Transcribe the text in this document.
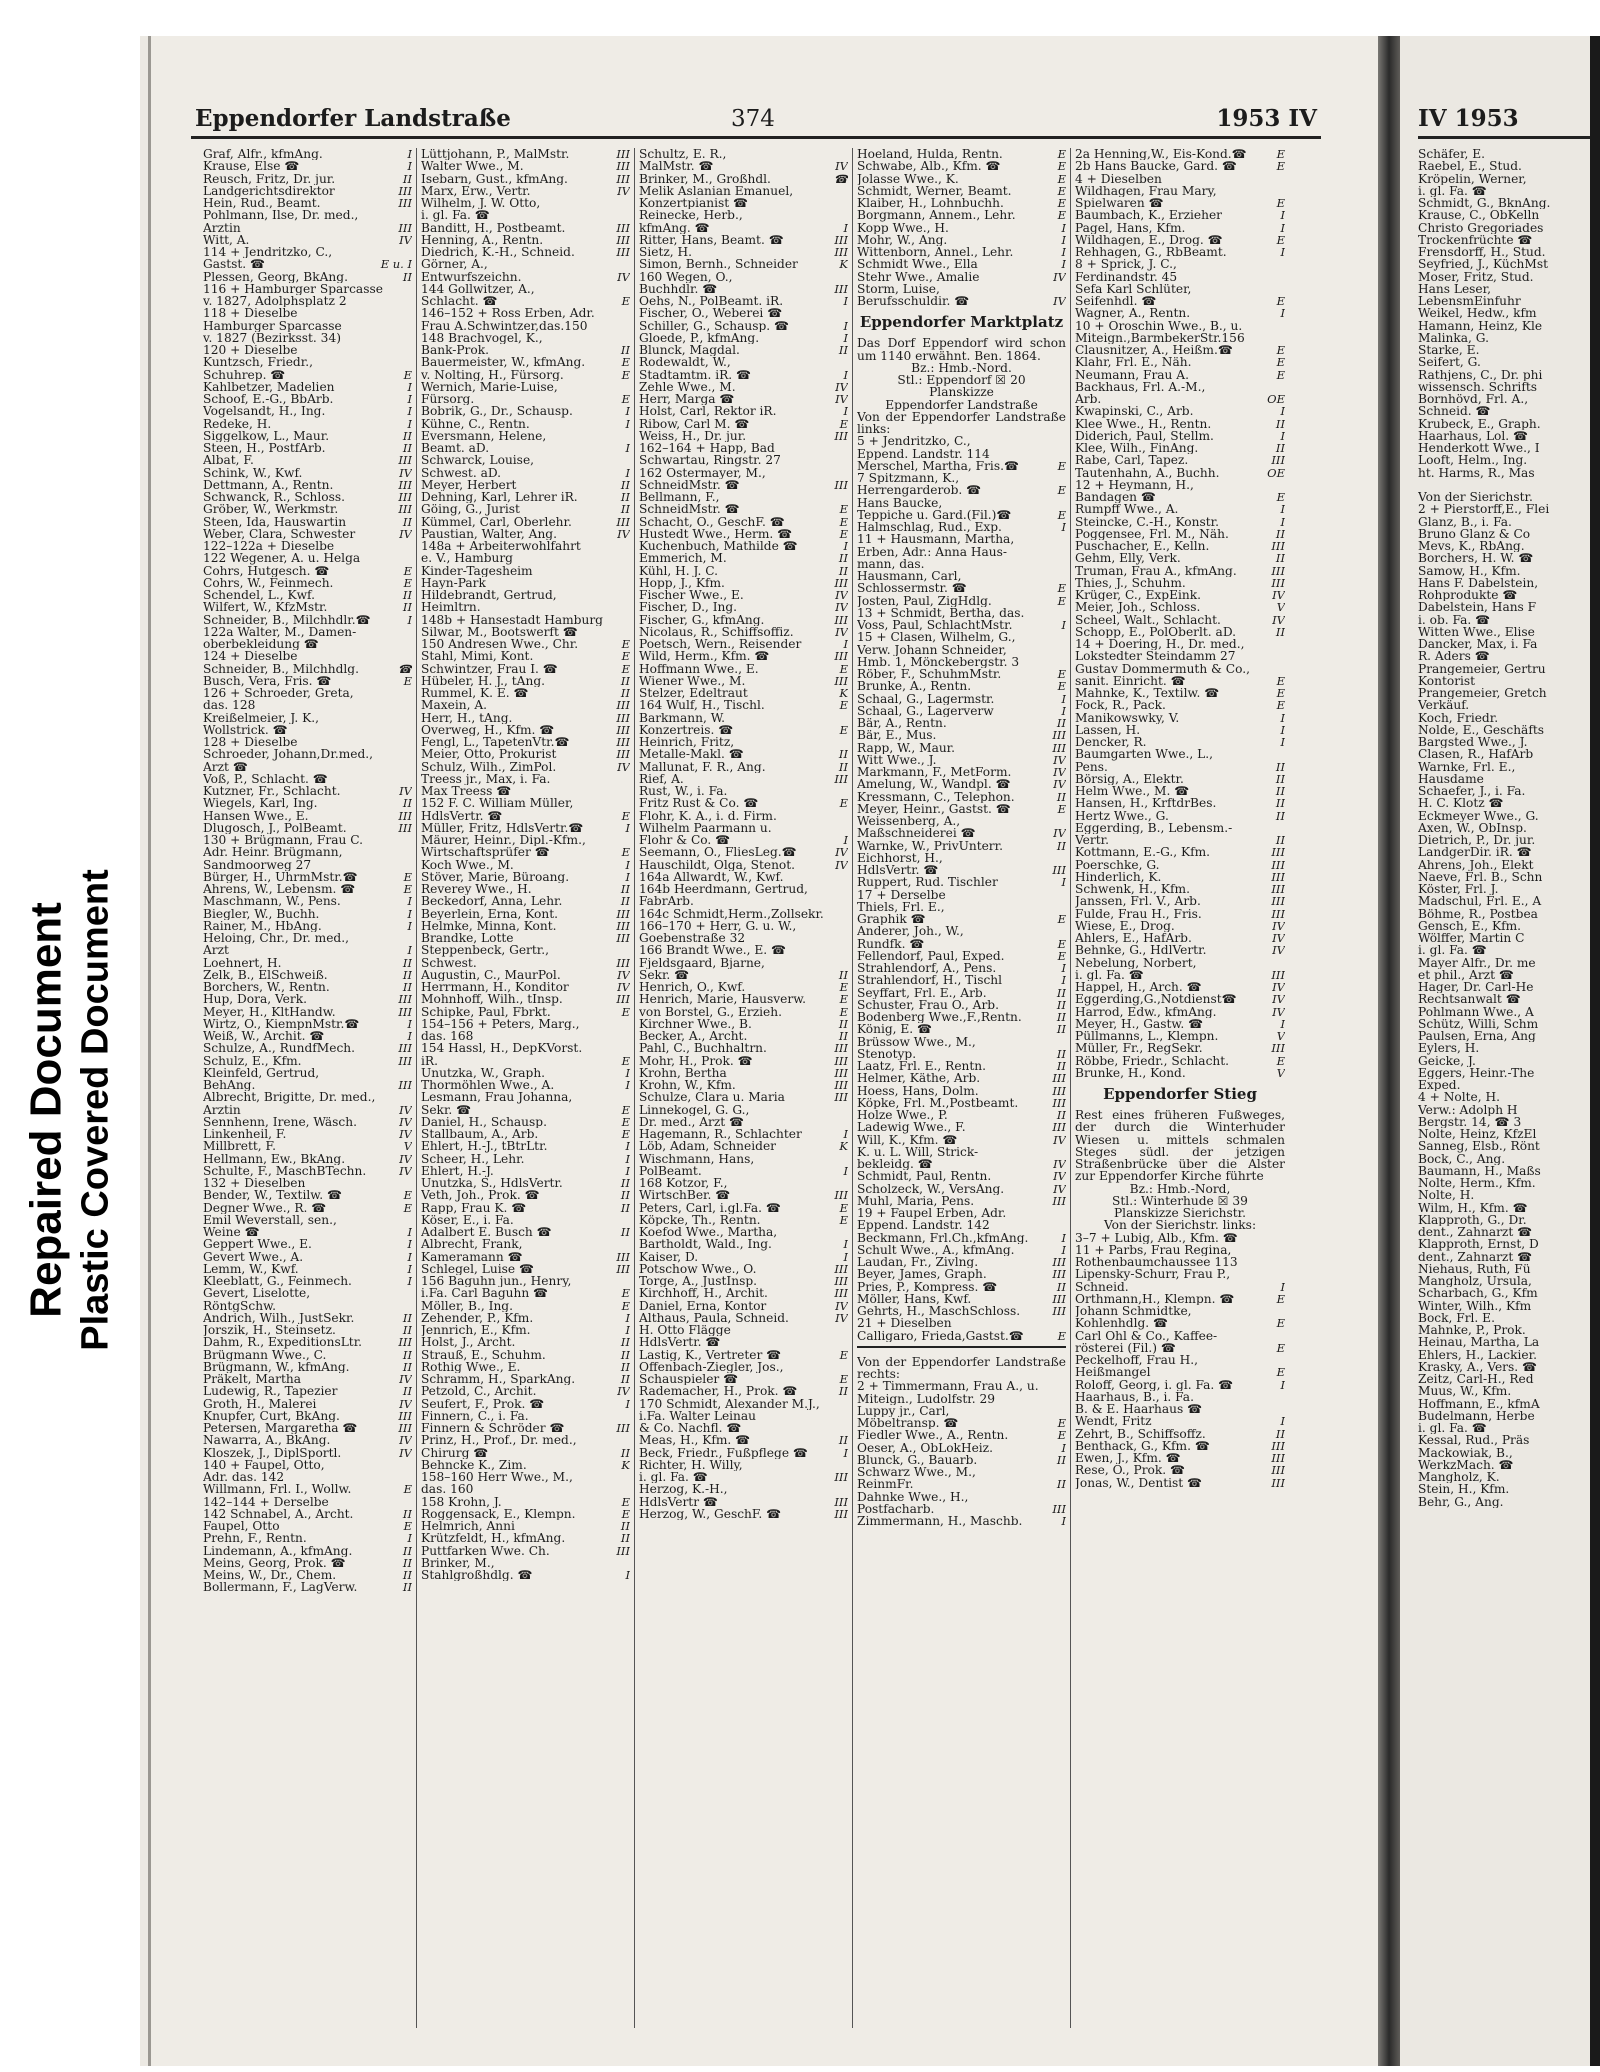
Repaired Document Plastic Covered Document
Eppendorfer Landstraße	374	1953 IV
Graf, Alfr., kfmAng.	I
Krause, Else ☎	I
Reusch, Fritz, Dr. jur.	II
Landgerichtsdirektor	III
Hein, Rud., Beamt.	III
Pohlmann, Ilse, Dr. med.,
Arztin	III
Witt, A.	IV
114 + Jendritzko, C.,
Gastst. ☎	E u. I
Plessen, Georg, BkAng.	II
116 + Hamburger Sparcasse
v. 1827, Adolphsplatz 2
118 + Dieselbe
Hamburger Sparcasse
v. 1827 (Bezirksst. 34)
120 + Dieselbe
Kuntzsch, Friedr.,
Schuhrep. ☎	E
Kahlbetzer, Madelien	I
Schoof, E.-G., BbArb.	I
Vogelsandt, H., Ing.	I
Redeke, H.	I
Siggelkow, L., Maur.	II
Steen, H., PostfArb.	II
Albat, F.	III
Schink, W., Kwf.	IV
Dettmann, A., Rentn.	III
Schwanck, R., Schloss.	III
Gröber, W., Werkmstr.	III
Steen, Ida, Hauswartin	II
Weber, Clara, Schwester	IV
122–122a + Dieselbe
122 Wegener, A. u. Helga
Cohrs, Hutgesch. ☎	E
Cohrs, W., Feinmech.	E
Schendel, L., Kwf.	II
Wilfert, W., KfzMstr.	II
Schneider, B., Milchhdlr.☎	I
122a Walter, M., Damen-
oberbekleidung ☎
124 + Dieselbe
Schneider, B., Milchhdlg.	☎
Busch, Vera, Fris. ☎	E
126 + Schroeder, Greta,
das. 128
Kreißelmeier, J. K.,
Wollstrick. ☎
128 + Dieselbe
Schroeder, Johann,Dr.med.,
Arzt ☎
Voß, P., Schlacht. ☎
Kutzner, Fr., Schlacht.	IV
Wiegels, Karl, Ing.	II
Hansen Wwe., E.	III
Dlugosch, J., PolBeamt.	III
130 + Brügmann, Frau C.
Adr. Heinr. Brügmann,
Sandmoorweg 27
Bürger, H., UhrmMstr.☎	E
Ahrens, W., Lebensm. ☎	E
Maschmann, W., Pens.	I
Biegler, W., Buchh.	I
Rainer, M., HbAng.	I
Heloing, Chr., Dr. med.,
Arzt	I
Loehnert, H.	II
Zelk, B., ElSchweiß.	II
Borchers, W., Rentn.	II
Hup, Dora, Verk.	III
Meyer, H., KltHandw.	III
Wirtz, O., KiempnMstr.☎	I
Weiß, W., Archit. ☎	I
Schulze, A., RundfMech.	III
Schulz, E., Kfm.	III
Kleinfeld, Gertrud,
BehAng.	III
Albrecht, Brigitte, Dr. med.,
Arztin	IV
Sennhenn, Irene, Wäsch.	IV
Linkenheil, F.	IV
Millbrett, F.	V
Hellmann, Ew., BkAng.	IV
Schulte, F., MaschBTechn.	IV
132 + Dieselben
Bender, W., Textilw. ☎	E
Degner Wwe., R. ☎	E
Emil Weverstall, sen.,
Weine ☎	I
Geppert Wwe., E.	I
Gevert Wwe., A.	I
Lemm, W., Kwf.	I
Kleeblatt, G., Feinmech.	I
Gevert, Liselotte,
RöntgSchw.
Andrich, Wilh., JustSekr.	II
Jorszik, H., Steinsetz.	II
Dahm, R., ExpeditionsLtr.	III
Brügmann Wwe., C.	II
Brügmann, W., kfmAng.	II
Präkelt, Martha	IV
Ludewig, R., Tapezier	II
Groth, H., Malerei	IV
Knupfer, Curt, BkAng.	III
Petersen, Margaretha ☎	III
Nawarra, A., BkAng.	IV
Kloszek, J., DiplSportl.	IV
140 + Faupel, Otto,
Adr. das. 142
Willmann, Frl. I., Wollw.	E
142–144 + Derselbe
142 Schnabel, A., Archt.	II
Faupel, Otto	E
Prehn, F., Rentn.	I
Lindemann, A., kfmAng.	II
Meins, Georg, Prok. ☎	II
Meins, W., Dr., Chem.	II
Bollermann, F., LagVerw.	II
Lüttjohann, P., MalMstr.	III
Walter Wwe., M.	III
Isebarn, Gust., kfmAng.	III
Marx, Erw., Vertr.	IV
Wilhelm, J. W. Otto,
i. gl. Fa. ☎
Banditt, H., Postbeamt.	III
Henning, A., Rentn.	III
Diedrich, K.-H., Schneid.	III
Görner, A.,
Entwurfszeichn.	IV
144 Gollwitzer, A.,
Schlacht. ☎	E
146–152 + Ross Erben, Adr.
Frau A.Schwintzer,das.150
148 Brachvogel, K.,
Bank-Prok.	II
Bauermeister, W., kfmAng.	E
v. Nolting, H., Fürsorg.	E
Wernich, Marie-Luise,
Fürsorg.	E
Bobrik, G., Dr., Schausp.	I
Kühne, C., Rentn.	I
Eversmann, Helene,
Beamt. aD.	I
Schwarck, Louise,
Schwest. aD.	I
Meyer, Herbert	II
Dehning, Karl, Lehrer iR.	II
Göing, G., Jurist	II
Kümmel, Carl, Oberlehr.	III
Paustian, Walter, Ang.	IV
148a + Arbeiterwohlfahrt
e. V., Hamburg
Kinder-Tagesheim
Hayn-Park
Hildebrandt, Gertrud,
Heimltrn.
148b + Hansestadt Hamburg
Silwar, M., Bootswerft ☎
150 Andresen Wwe., Chr.	E
Stahl, Mimi, Kont.	E
Schwintzer, Frau I. ☎	E
Hübeler, H. J., tAng.	II
Rummel, K. E. ☎	II
Maxein, A.	III
Herr, H., tAng.	III
Overweg, H., Kfm. ☎	III
Fengl, L., TapetenVtr.☎	III
Meier, Otto, Prokurist	III
Schulz, Wilh., ZimPol.	IV
Treess jr., Max, i. Fa.
Max Treess ☎
152 F. C. William Müller,
HdlsVertr. ☎	E
Müller, Fritz, HdlsVertr.☎	I
Mäurer, Heinr., Dipl.-Kfm.,
Wirtschaftsprüfer ☎	E
Koch Wwe., M.	I
Stöver, Marie, Büroang.	I
Reverey Wwe., H.	II
Beckedorf, Anna, Lehr.	II
Beyerlein, Erna, Kont.	III
Helmke, Minna, Kont.	III
Brandke, Lotte	III
Steppenbeck, Gertr.,
Schwest.	III
Augustin, C., MaurPol.	IV
Herrmann, H., Konditor	IV
Mohnhoff, Wilh., tInsp.	III
Schipke, Paul, Fbrkt.	E
154–156 + Peters, Marg.,
das. 168
154 Hassl, H., DepKVorst.
iR.	E
Unutzka, W., Graph.	I
Thormöhlen Wwe., A.	I
Lesmann, Frau Johanna,
Sekr. ☎	E
Daniel, H., Schausp.	E
Stallbaum, A., Arb.	E
Ehlert, H.-J., tBtrLtr.	I
Scheer, H., Lehr.	I
Ehlert, H.-J.	I
Unutzka, S., HdlsVertr.	II
Veth, Joh., Prok. ☎	II
Rapp, Frau K. ☎	II
Köser, E., i. Fa.
Adalbert E. Busch ☎	II
Albrecht, Frank,
Kameramann ☎	III
Schlegel, Luise ☎	III
156 Baguhn jun., Henry,
i.Fa. Carl Baguhn ☎	E
Möller, B., Ing.	E
Zehender, P., Kfm.	I
Jennrich, E., Kfm.	I
Holst, J., Archt.	II
Strauß, E., Schuhm.	II
Rothig Wwe., E.	II
Schramm, H., SparkAng.	II
Petzold, C., Archit.	IV
Seufert, F., Prok. ☎	I
Finnern, C., i. Fa.
Finnern & Schröder ☎	III
Prinz, H., Prof., Dr. med.,
Chirurg ☎	II
Behncke K., Zim.	K
158–160 Herr Wwe., M.,
das. 160
158 Krohn, J.	E
Roggensack, E., Klempn.	E
Helmrich, Anni	II
Krützfeldt, H., kfmAng.	II
Puttfarken Wwe. Ch.	III
Brinker, M.,
Stahlgroßhdlg. ☎	I
Schultz, E. R.,
MalMstr. ☎	IV
Brinker, M., Großhdl.	☎
Melik Aslanian Emanuel,
Konzertpianist ☎
Reinecke, Herb.,
kfmAng. ☎	I
Ritter, Hans, Beamt. ☎	III
Sietz, H.	III
Simon, Bernh., Schneider	K
160 Wegen, O.,
Buchhdlr. ☎	III
Oehs, N., PolBeamt. iR.	I
Fischer, O., Weberei ☎
Schiller, G., Schausp. ☎	I
Gloede, P., kfmAng.	I
Blunck, Magdal.	II
Rodewaldt, W.,
Stadtamtm. iR. ☎	I
Zehle Wwe., M.	IV
Herr, Marga ☎	IV
Holst, Carl, Rektor iR.	I
Ribow, Carl M. ☎	E
Weiss, H., Dr. jur.	III
162–164 + Happ, Bad
Schwartau, Ringstr. 27
162 Ostermayer, M.,
SchneidMstr. ☎	III
Bellmann, F.,
SchneidMstr. ☎	E
Schacht, O., GeschF. ☎	E
Hustedt Wwe., Herm. ☎	E
Kuchenbuch, Mathilde ☎	I
Emmerich, M.	II
Kühl, H. J. C.	II
Hopp, J., Kfm.	III
Fischer Wwe., E.	IV
Fischer, D., Ing.	IV
Fischer, G., kfmAng.	III
Nicolaus, R., Schiffsoffiz.	IV
Poetsch, Wern., Reisender	I
Wild, Herm., Kfm. ☎	III
Hoffmann Wwe., E.	E
Wiener Wwe., M.	III
Stelzer, Edeltraut	K
164 Wulf, H., Tischl.	E
Barkmann, W.
Konzertreis. ☎	E
Heinrich, Fritz,
Metalle-Makl. ☎	II
Mallunat, F. R., Ang.	II
Rief, A.	III
Rust, W., i. Fa.
Fritz Rust & Co. ☎	E
Flohr, K. A., i. d. Firm.
Wilhelm Paarmann u.
Flohr & Co. ☎	I
Seemann, O., FliesLeg.☎	IV
Hauschildt, Olga, Stenot.	IV
164a Allwardt, W., Kwf.
164b Heerdmann, Gertrud,
FabrArb.
164c Schmidt,Herm.,Zollsekr.
166–170 + Herr, G. u. W.,
Goebenstraße 32
166 Brandt Wwe., E. ☎
Fjeldsgaard, Bjarne,
Sekr. ☎	II
Henrich, O., Kwf.	E
Henrich, Marie, Hausverw.	E
von Borstel, G., Erzieh.	E
Kirchner Wwe., B.	II
Becker, A., Archt.	II
Pahl, C., Buchhaltrn.	III
Mohr, H., Prok. ☎	III
Krohn, Bertha	III
Krohn, W., Kfm.	III
Schulze, Clara u. Maria	III
Linnekogel, G. G.,
Dr. med., Arzt ☎
Hagemann, R., Schlachter	I
Löb, Adam, Schneider	K
Wischmann, Hans,
PolBeamt.	I
168 Kotzor, F.,
WirtschBer. ☎	III
Peters, Carl, i.gl.Fa. ☎	E
Köpcke, Th., Rentn.	E
Koefod Wwe., Martha,
Bartholdt, Wald., Ing.	I
Kaiser, D.	I
Potschow Wwe., O.	III
Torge, A., JustInsp.	III
Kirchhoff, H., Archit.	III
Daniel, Erna, Kontor	IV
Althaus, Paula, Schneid.	IV
H. Otto Flägge
HdlsVertr. ☎
Lastig, K., Vertreter ☎	E
Offenbach-Ziegler, Jos.,
Schauspieler ☎	E
Rademacher, H., Prok. ☎	II
170 Schmidt, Alexander M.J.,
i.Fa. Walter Leinau
& Co. Nachfl. ☎
Meas, H., Kfm. ☎	II
Beck, Friedr., Fußpflege ☎	I
Richter, H. Willy,
i. gl. Fa. ☎	III
Herzog, K.-H.,
HdlsVertr ☎	III
Herzog, W., GeschF. ☎	III
Hoeland, Hulda, Rentn.	E
Schwabe, Alb., Kfm. ☎	E
Jolasse Wwe., K.	E
Schmidt, Werner, Beamt.	E
Klaiber, H., Lohnbuchh.	E
Borgmann, Annem., Lehr.	E
Kopp Wwe., H.	I
Mohr, W., Ang.	I
Wittenborn, Annel., Lehr.	I
Schmidt Wwe., Ella	I
Stehr Wwe., Amalie	IV
Storm, Luise,
Berufsschuldir. ☎	IV
Eppendorfer Marktplatz
Das Dorf Eppendorf wird schon um 1140 erwähnt. Ben. 1864.
Bz.: Hmb.-Nord.
Stl.: Eppendorf ☒ 20
Planskizze
Eppendorfer Landstraße
Von der Eppendorfer Landstraße links:
5 + Jendritzko, C.,
Eppend. Landstr. 114
Merschel, Martha, Fris.☎	E
7 Spitzmann, K.,
Herrengarderob. ☎	E
Hans Baucke,
Teppiche u. Gard.(Fil.)☎	E
Halmschlag, Rud., Exp.	I
11 + Hausmann, Martha,
Erben, Adr.: Anna Haus-
mann, das.
Hausmann, Carl,
Schlossermstr. ☎	E
Josten, Paul, ZigHdlg.	E
13 + Schmidt, Bertha, das.
Voss, Paul, SchlachtMstr.	I
15 + Clasen, Wilhelm, G.,
Verw. Johann Schneider,
Hmb. 1, Mönckebergstr. 3
Röber, F., SchuhmMstr.	E
Brunke, A., Rentn.	E
Schaal, G., Lagermstr.	I
Schaal, G., Lagerverw	I
Bär, A., Rentn.	II
Bär, E., Mus.	III
Rapp, W., Maur.	III
Witt Wwe., J.	IV
Markmann, F., MetForm.	IV
Amelung, W., Wandpl. ☎	IV
Kressmann, C., Telephon.	II
Meyer, Heinr., Gastst. ☎	E
Weissenberg, A.,
Maßschneiderei ☎	IV
Warnke, W., PrivUnterr.	II
Eichhorst, H.,
HdlsVertr. ☎	III
Ruppert, Rud. Tischler	I
17 + Derselbe
Thiels, Frl. E.,
Graphik ☎	E
Anderer, Joh., W.,
Rundfk. ☎	E
Fellendorf, Paul, Exped.	E
Strahlendorf, A., Pens.	I
Strahlendorf, H., Tischl	I
Seyffart, Frl. E., Arb.	II
Schuster, Frau O., Arb.	II
Bodenberg Wwe.,F.,Rentn.	II
König, E. ☎	II
Brüssow Wwe., M.,
Stenotyp.	II
Laatz, Frl. E., Rentn.	II
Helmer, Käthe, Arb.	III
Hoess, Hans, Dolm.	III
Köpke, Frl. M.,Postbeamt.	III
Holze Wwe., P.	II
Ladewig Wwe., F.	III
Will, K., Kfm. ☎	IV
K. u. L. Will, Strick-
bekleidg. ☎	IV
Schmidt, Paul, Rentn.	IV
Scholzeck, W., VersAng.	IV
Muhl, Maria, Pens.	III
19 + Faupel Erben, Adr.
Eppend. Landstr. 142
Beckmann, Frl.Ch.,kfmAng.	I
Schult Wwe., A., kfmAng.	I
Laudan, Fr., Zivlng.	III
Beyer, James, Graph.	III
Pries, P., Kompress. ☎	II
Möller, Hans, Kwf.	III
Gehrts, H., MaschSchloss.	III
21 + Dieselben
Calligaro, Frieda,Gastst.☎	E
Von der Eppendorfer Landstraße rechts:
2 + Timmermann, Frau A., u.
Miteign., Ludolfstr. 29
Luppy jr., Carl,
Möbeltransp. ☎	E
Fiedler Wwe., A., Rentn.	E
Oeser, A., ObLokHeiz.	I
Blunck, G., Bauarb.	II
Schwarz Wwe., M.,
ReinmFr.	II
Dahnke Wwe., H.,
Postfacharb.	III
Zimmermann, H., Maschb.	I
2a Henning,W., Eis-Kond.☎	E
2b Hans Baucke, Gard. ☎	E
4 + Dieselben
Wildhagen, Frau Mary,
Spielwaren ☎	E
Baumbach, K., Erzieher	I
Pagel, Hans, Kfm.	I
Wildhagen, E., Drog. ☎	E
Rehhagen, G., RbBeamt.	I
8 + Sprick, J. C.,
Ferdinandstr. 45
Sefa Karl Schlüter,
Seifenhdl. ☎	E
Wagner, A., Rentn.	I
10 + Oroschin Wwe., B., u.
Miteign.,BarmbekerStr.156
Clausnitzer, A., Heißm.☎	E
Klahr, Frl. E., Näh.	E
Neumann, Frau A.	E
Backhaus, Frl. A.-M.,
Arb.	OE
Kwapinski, C., Arb.	I
Klee Wwe., H., Rentn.	II
Diderich, Paul, Stellm.	I
Klee, Wilh., FinAng.	II
Rabe, Carl, Tapez.	III
Tautenhahn, A., Buchh.	OE
12 + Heymann, H.,
Bandagen ☎	E
Rumpff Wwe., A.	I
Steincke, C.-H., Konstr.	I
Poggensee, Frl. M., Näh.	II
Puschacher, E., Kelln.	III
Gehm, Elly, Verk.	II
Truman, Frau A., kfmAng.	III
Thies, J., Schuhm.	III
Krüger, C., ExpEink.	IV
Meier, Joh., Schloss.	V
Scheel, Walt., Schlacht.	IV
Schopp, E., PolOberlt. aD.	II
14 + Doering, H., Dr. med.,
Lokstedter Steindamm 27
Gustav Dommermuth & Co.,
sanit. Einricht. ☎	E
Mahnke, K., Textilw. ☎	E
Fock, R., Pack.	E
Manikowswky, V.	I
Lassen, H.	I
Dencker, R.	I
Baumgarten Wwe., L.,
Pens.	II
Börsig, A., Elektr.	II
Helm Wwe., M. ☎	II
Hansen, H., KrftdrBes.	II
Hertz Wwe., G.	II
Eggerding, B., Lebensm.-
Vertr.	II
Kottmann, E.-G., Kfm.	III
Poerschke, G.	III
Hinderlich, K.	III
Schwenk, H., Kfm.	III
Janssen, Frl. V., Arb.	III
Fulde, Frau H., Fris.	III
Wiese, E., Drog.	IV
Ahlers, E., HafArb.	IV
Behnke, G., HdlVertr.	IV
Nebelung, Norbert,
i. gl. Fa. ☎	III
Happel, H., Arch. ☎	IV
Eggerding,G.,Notdienst☎	IV
Harrod, Edw., kfmAng.	IV
Meyer, H., Gastw. ☎	I
Püllmanns, L., Klempn.	V
Müller, Fr., RegSekr.	III
Röbbe, Friedr., Schlacht.	E
Brunke, H., Kond.	V
Eppendorfer Stieg
Rest eines früheren Fußweges, der durch die Winterhuder Wiesen u. mittels schmalen Steges südl. der jetzigen Straßenbrücke über die Alster zur Eppendorfer Kirche führte
Bz.: Hmb.-Nord,
Stl.: Winterhude ☒ 39
Planskizze Sierichstr.
Von der Sierichstr. links:
3–7 + Lubig, Alb., Kfm. ☎
11 + Parbs, Frau Regina,
Rothenbaumchaussee 113
Lipensky-Schurr, Frau P.,
Schneid.	I
Orthmann,H., Klempn. ☎	E
Johann Schmidtke,
Kohlenhdlg. ☎	E
Carl Ohl & Co., Kaffee-
rösterei (Fil.) ☎	E
Peckelhoff, Frau H.,
Heißmangel	E
Roloff, Georg, i. gl. Fa. ☎	I
Haarhaus, B., i. Fa.
B. & E. Haarhaus ☎
Wendt, Fritz	I
Zehrt, B., Schiffsoffz.	II
Benthack, G., Kfm. ☎	III
Ewen, J., Kfm. ☎	III
Rese, O., Prok. ☎	III
Jonas, W., Dentist ☎	III
IV 1953
Schäfer, E.
Raebel, E., Stud.
Kröpelin, Werner,
i. gl. Fa. ☎
Schmidt, G., BknAng.
Krause, C., ObKelln
Christo Gregoriades
Trockenfrüchte ☎
Frensdorff, H., Stud.
Seyfried, J., KüchMst
Moser, Fritz, Stud.
Hans Leser,
LebensmEinfuhr
Weikel, Hedw., kfm
Hamann, Heinz, Kle
Malinka, G.
Starke, E.
Seifert, G.
Rathjens, C., Dr. phi
wissensch. Schrifts
Bornhövd, Frl. A.,
Schneid. ☎
Krubeck, E., Graph.
Haarhaus, Lol. ☎
Henderkott Wwe., I
Looft, Helm., Ing.
ht. Harms, R., Mas
Von der Sierichstr.
2 + Pierstorff,E., Flei
Glanz, B., i. Fa.
Bruno Glanz & Co
Mevs, K., RbAng.
Borchers, H. W. ☎
Samow, H., Kfm.
Hans F. Dabelstein,
Rohprodukte ☎
Dabelstein, Hans F
i. ob. Fa. ☎
Witten Wwe., Elise
Dancker, Max, i. Fa
R. Aders ☎
Prangemeier, Gertru
Kontorist
Prangemeier, Gretch
Verkäuf.
Koch, Friedr.
Nolde, E., Geschäfts
Bargsted Wwe., J.
Clasen, R., HafArb
Warnke, Frl. E.,
Hausdame
Schaefer, J., i. Fa.
H. C. Klotz ☎
Eckmeyer Wwe., G.
Axen, W., ObInsp.
Dietrich, P., Dr. jur.
LandgerDir. iR. ☎
Ahrens, Joh., Elekt
Naeve, Frl. B., Schn
Köster, Frl. J.
Madschul, Frl. E., A
Böhme, R., Postbea
Gensch, E., Kfm.
Wölffer, Martin C
i. gl. Fa. ☎
Mayer Alfr., Dr. me
et phil., Arzt ☎
Hager, Dr. Carl-He
Rechtsanwalt ☎
Pohlmann Wwe., A
Schütz, Willi, Schm
Paulsen, Erna, Ang
Eylers, H.
Geicke, J.
Eggers, Heinr.-The
Exped.
4 + Nolte, H.
Verw.: Adolph H
Bergstr. 14, ☎ 3
Nolte, Heinz, KfzEl
Sanneg, Elsb., Rönt
Bock, C., Ang.
Baumann, H., Maßs
Nolte, Herm., Kfm.
Nolte, H.
Wilm, H., Kfm. ☎
Klapproth, G., Dr.
dent., Zahnarzt ☎
Klapproth, Ernst, D
dent., Zahnarzt ☎
Niehaus, Ruth, Fü
Mangholz, Ursula,
Scharbach, G., Kfm
Winter, Wilh., Kfm
Bock, Frl. E.
Mahnke, P., Prok.
Heinau, Martha, La
Ehlers, H., Lackier.
Krasky, A., Vers. ☎
Zeitz, Carl-H., Red
Muus, W., Kfm.
Hoffmann, E., kfmA
Budelmann, Herbe
i. gl. Fa. ☎
Kessal, Rud., Präs
Mackowiak, B.,
WerkzMach. ☎
Mangholz, K.
Stein, H., Kfm.
Behr, G., Ang.
